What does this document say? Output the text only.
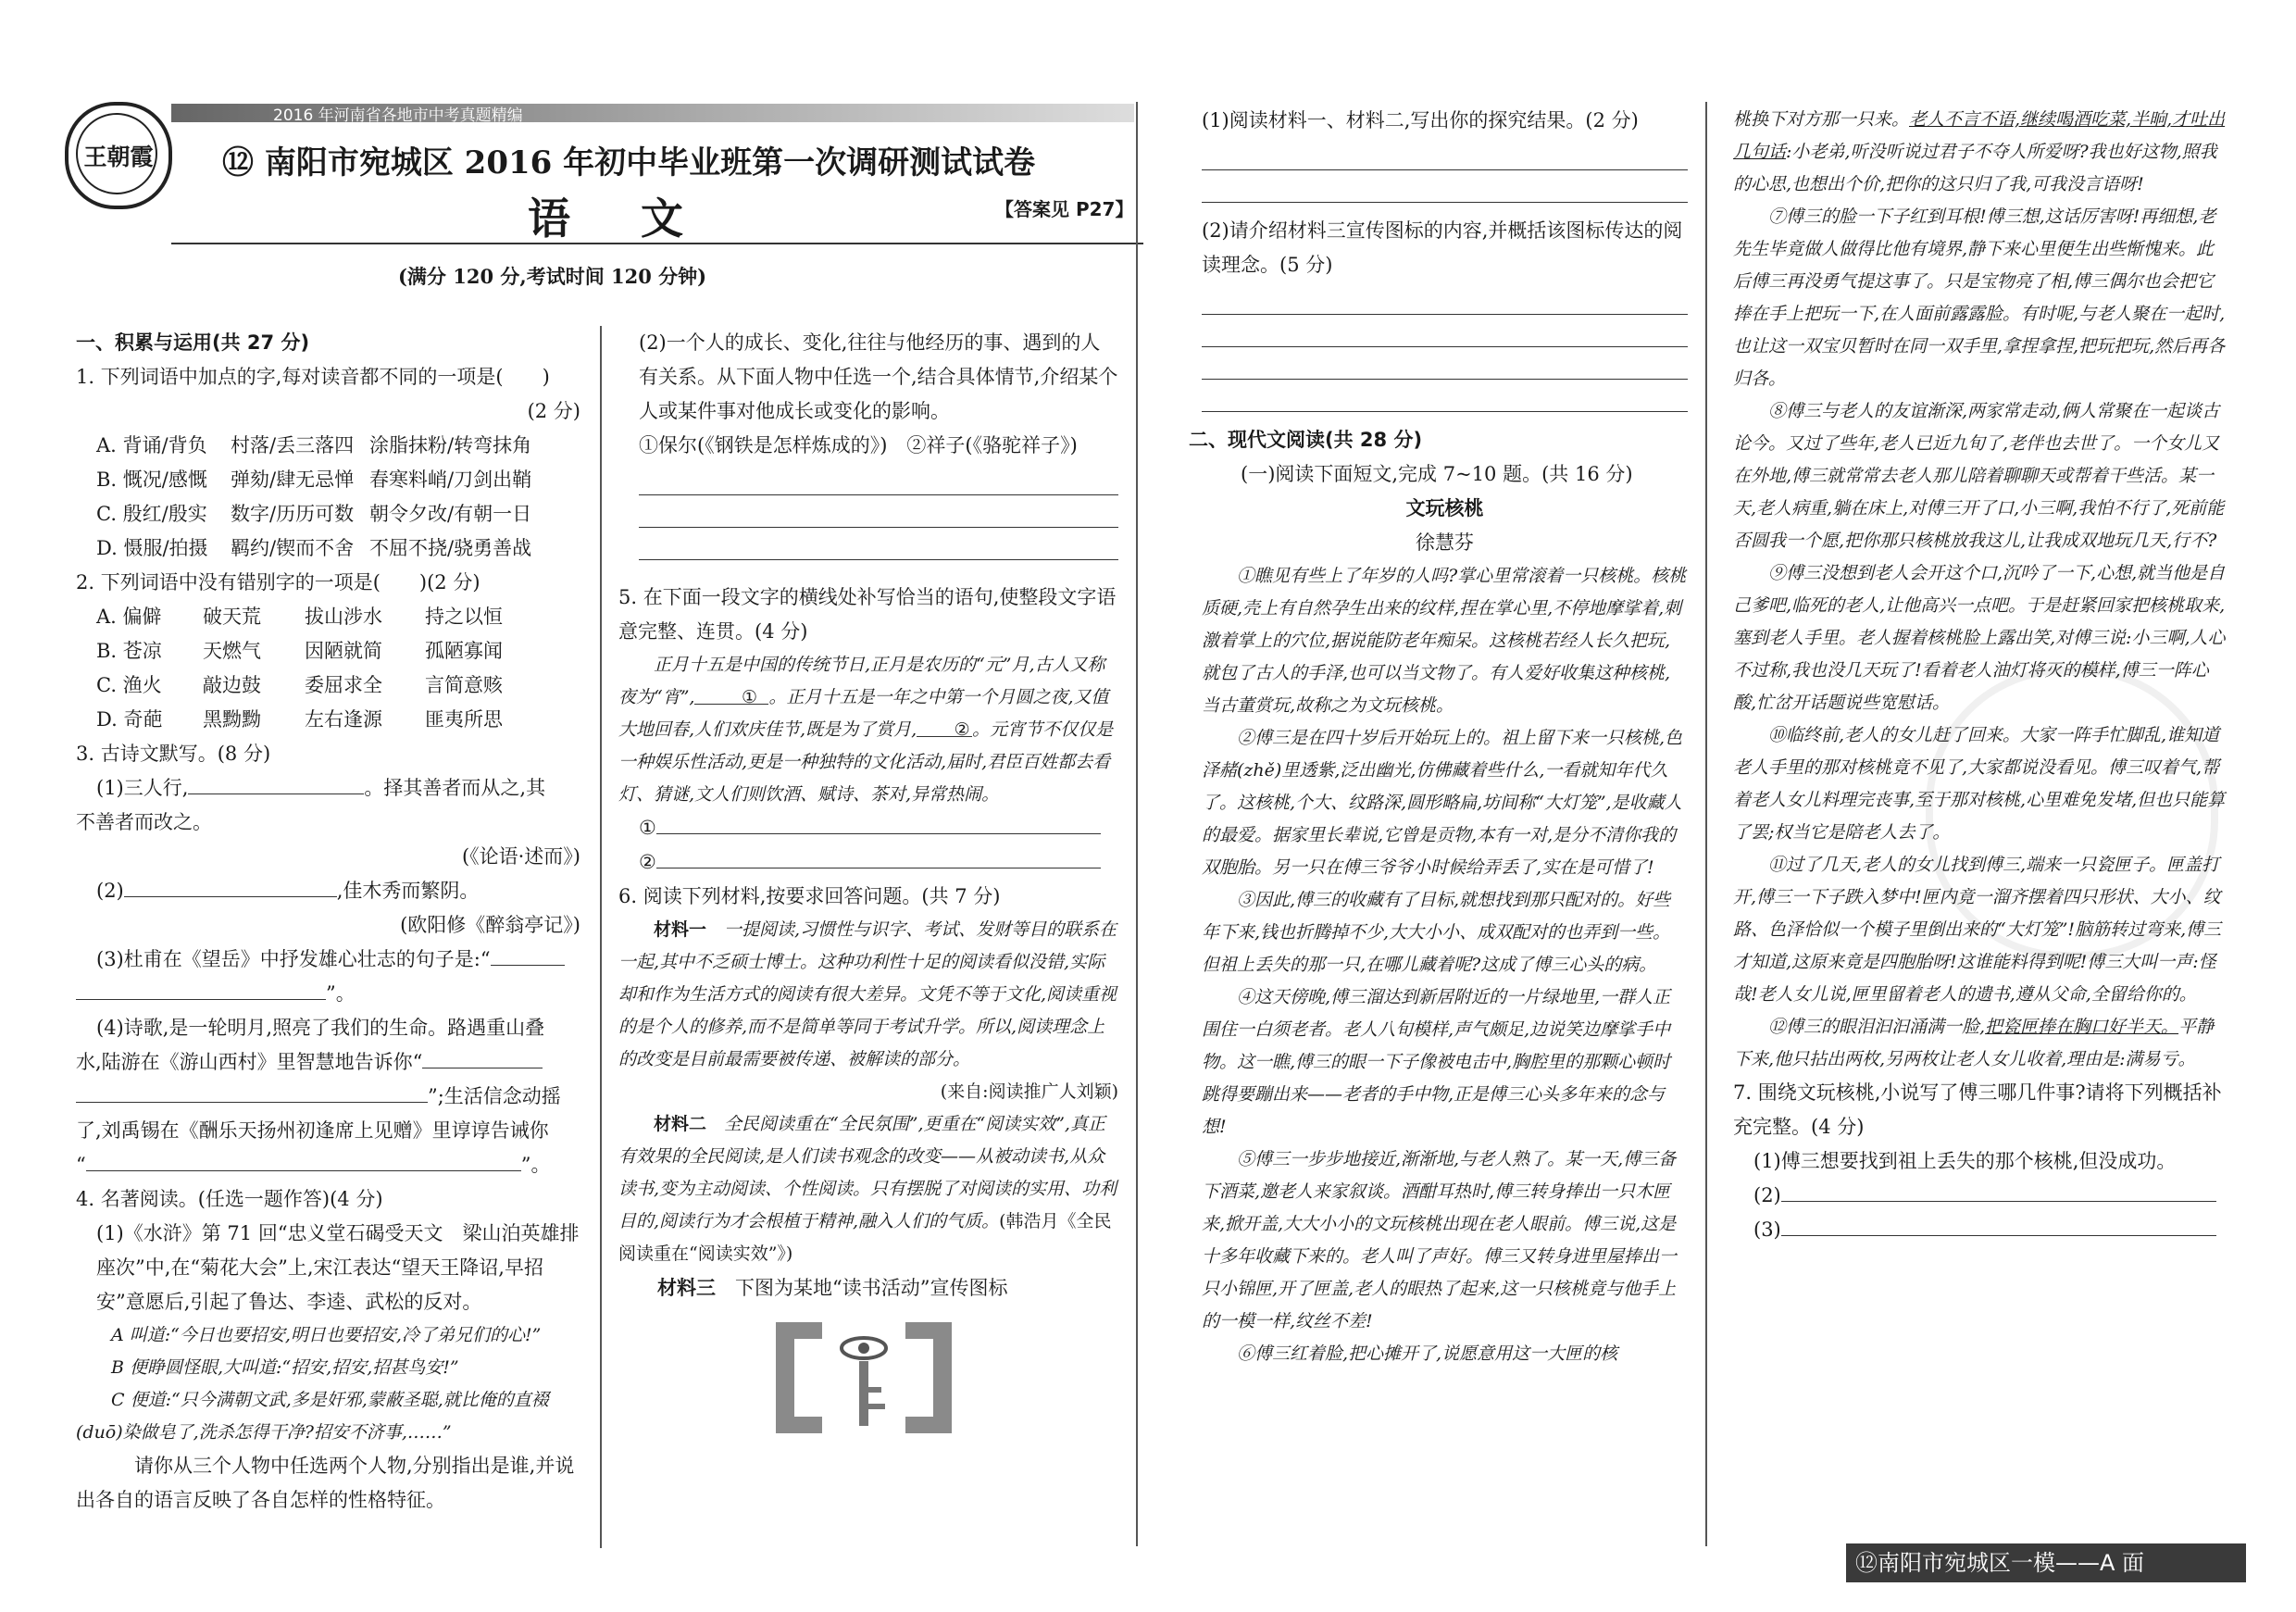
王朝霞
2016 年河南省各地市中考真题精编
⑫ 南阳市宛城区 2016 年初中毕业班第一次调研测试试卷
语 文	【答案见 P27】
(满分 120 分,考试时间 120 分钟)

一、积累与运用(共 27 分)

1. 下列词语中加点的字,每对读音都不同的一项是(　　)

(2 分)

A. 背诵/背负	村落/丢三落四 涂脂抹粉/转弯抹角
B. 慨况/感慨	弹劾/肆无忌惮 春寒料峭/刀剑出鞘
C. 殷红/殷实	数字/历历可数 朝令夕改/有朝一日
D. 慑服/拍摄	羁约/锲而不舍 不屈不挠/骁勇善战

2. 下列词语中没有错别字的一项是(　　)(2 分)

A. 偏僻	破天荒	拔山涉水	持之以恒
B. 苍凉	天燃气	因陋就简	孤陋寡闻
C. 渔火	敲边鼓	委屈求全	言简意赅
D. 奇葩	黑黝黝	左右逢源	匪夷所思

3. 古诗文默写。(8 分)

(1)三人行,	。择其善者而从之,其

不善者而改之。

(《论语·述而》)

(2)	,佳木秀而繁阴。

(欧阳修《醉翁亭记》)

(3)杜甫在《望岳》中抒发雄心壮志的句子是:“

”。

(4)诗歌,是一轮明月,照亮了我们的生命。路遇重山叠

水,陆游在《游山西村》里智慧地告诉你“

”;生活信念动摇

了,刘禹锡在《酬乐天扬州初逢席上见赠》里谆谆告诫你

“	”。

4. 名著阅读。(任选一题作答)(4 分)

(1)《水浒》第 71 回“忠义堂石碣受天文　梁山泊英雄排座次”中,在“菊花大会”上,宋江表达“望天王降诏,早招安”意愿后,引起了鲁达、李逵、武松的反对。

A 叫道:“今日也要招安,明日也要招安,冷了弟兄们的心!”

B 便睁圆怪眼,大叫道:“招安,招安,招甚鸟安!”

C 便道:“只今满朝文武,多是奸邪,蒙蔽圣聪,就比俺的直裰(duō)染做皂了,洗杀怎得干净?招安不济事,……”

请你从三个人物中任选两个人物,分别指出是谁,并说出各自的语言反映了各自怎样的性格特征。

(2)一个人的成长、变化,往往与他经历的事、遇到的人有关系。从下面人物中任选一个,结合具体情节,介绍某个人或某件事对他成长或变化的影响。

①保尔(《钢铁是怎样炼成的》)　②祥子(《骆驼祥子》)

5. 在下面一段文字的横线处补写恰当的语句,使整段文字语意完整、连贯。(4 分)

正月十五是中国的传统节日,正月是农历的“元”月,古人又称夜为“宵”,	① 。正月十五是一年之中第一个月圆之夜,又值大地回春,人们欢庆佳节,既是为了赏月, ② 。元宵节不仅仅是一种娱乐性活动,更是一种独特的文化活动,届时,君臣百姓都去看灯、猜谜,文人们则饮酒、赋诗、茶对,异常热闹。

①

②

6. 阅读下列材料,按要求回答问题。(共 7 分)

材料一　 一提阅读,习惯性与识字、考试、发财等目的联系在一起,其中不乏硕士博士。这种功利性十足的阅读看似没错,实际却和作为生活方式的阅读有很大差异。文凭不等于文化,阅读重视的是个人的修养,而不是简单等同于考试升学。所以,阅读理念上的改变是目前最需要被传递、被解读的部分。
(来自:阅读推广人刘颖)

材料二　 全民阅读重在“全民氛围”,更重在“阅读实效”,真正有效果的全民阅读,是人们读书观念的改变——从被动读书,从众读书,变为主动阅读、个性阅读。只有摆脱了对阅读的实用、功利目的,阅读行为才会根植于精神,融入人们的气质。(韩浩月《全民阅读重在“阅读实效”》)

材料三　 下图为某地“读书活动”宣传图标

(1)阅读材料一、材料二,写出你的探究结果。(2 分)

(2)请介绍材料三宣传图标的内容,并概括该图标传达的阅读理念。(5 分)

二、现代文阅读(共 28 分)

(一)阅读下面短文,完成 7~10 题。(共 16 分)

文玩核桃

徐慧芬

①瞧见有些上了年岁的人吗?掌心里常滚着一只核桃。核桃质硬,壳上有自然孕生出来的纹样,捏在掌心里,不停地摩挲着,刺激着掌上的穴位,据说能防老年痴呆。这核桃若经人长久把玩,就包了古人的手泽,也可以当文物了。有人爱好收集这种核桃,当古董赏玩,故称之为文玩核桃。

②傅三是在四十岁后开始玩上的。祖上留下来一只核桃,色泽赭(zhě)里透紫,泛出幽光,仿佛藏着些什么,一看就知年代久了。这核桃,个大、纹路深,圆形略扁,坊间称“大灯笼”,是收藏人的最爱。据家里长辈说,它曾是贡物,本有一对,是分不清你我的双胞胎。另一只在傅三爷爷小时候给弄丢了,实在是可惜了!

③因此,傅三的收藏有了目标,就想找到那只配对的。好些年下来,钱也折腾掉不少,大大小小、成双配对的也弄到一些。但祖上丢失的那一只,在哪儿藏着呢?这成了傅三心头的病。

④这天傍晚,傅三溜达到新居附近的一片绿地里,一群人正围住一白须老者。老人八旬模样,声气颇足,边说笑边摩挲手中物。这一瞧,傅三的眼一下子像被电击中,胸腔里的那颗心顿时跳得要蹦出来——老者的手中物,正是傅三心头多年来的念与想!

⑤傅三一步步地接近,渐渐地,与老人熟了。某一天,傅三备下酒菜,邀老人来家叙谈。酒酣耳热时,傅三转身捧出一只木匣来,掀开盖,大大小小的文玩核桃出现在老人眼前。傅三说,这是十多年收藏下来的。老人叫了声好。傅三又转身进里屋捧出一只小锦匣,开了匣盖,老人的眼热了起来,这一只核桃竟与他手上的一模一样,纹丝不差!

⑥傅三红着脸,把心摊开了,说愿意用这一大匣的核

桃换下对方那一只来。老人不言不语,继续喝酒吃菜,半晌,才吐出几句话:小老弟,听没听说过君子不夺人所爱呀?我也好这物,照我的心思,也想出个价,把你的这只归了我,可我没言语呀!

⑦傅三的脸一下子红到耳根!傅三想,这话厉害呀!再细想,老先生毕竟做人做得比他有境界,静下来心里便生出些惭愧来。此后傅三再没勇气提这事了。只是宝物亮了相,傅三偶尔也会把它捧在手上把玩一下,在人面前露露脸。有时呢,与老人聚在一起时,也让这一双宝贝暂时在同一双手里,拿捏拿捏,把玩把玩,然后再各归各。

⑧傅三与老人的友谊渐深,两家常走动,俩人常聚在一起谈古论今。又过了些年,老人已近九旬了,老伴也去世了。一个女儿又在外地,傅三就常常去老人那儿陪着聊聊天或帮着干些活。某一天,老人病重,躺在床上,对傅三开了口,小三啊,我怕不行了,死前能否圆我一个愿,把你那只核桃放我这儿,让我成双地玩几天,行不?

⑨傅三没想到老人会开这个口,沉吟了一下,心想,就当他是自己爹吧,临死的老人,让他高兴一点吧。于是赶紧回家把核桃取来,塞到老人手里。老人握着核桃脸上露出笑,对傅三说:小三啊,人心不过称,我也没几天玩了!看着老人油灯将灭的模样,傅三一阵心酸,忙岔开话题说些宽慰话。

⑩临终前,老人的女儿赶了回来。大家一阵手忙脚乱,谁知道老人手里的那对核桃竟不见了,大家都说没看见。傅三叹着气,帮着老人女儿料理完丧事,至于那对核桃,心里难免发堵,但也只能算了罢;权当它是陪老人去了。

⑪过了几天,老人的女儿找到傅三,端来一只瓷匣子。匣盖打开,傅三一下子跌入梦中!匣内竟一溜齐摆着四只形状、大小、纹路、色泽恰似一个模子里倒出来的“大灯笼”!脑筋转过弯来,傅三才知道,这原来竟是四胞胎呀!这谁能料得到呢!傅三大叫一声:怪哉!老人女儿说,匣里留着老人的遗书,遵从父命,全留给你的。

⑫傅三的眼泪汩汩涌满一脸,把瓷匣捧在胸口好半天。平静下来,他只拈出两枚,另两枚让老人女儿收着,理由是:满易亏。

7. 围绕文玩核桃,小说写了傅三哪几件事?请将下列概括补充完整。(4 分)

(1)傅三想要找到祖上丢失的那个核桃,但没成功。

(2)

(3)

⑫南阳市宛城区一模——A 面
